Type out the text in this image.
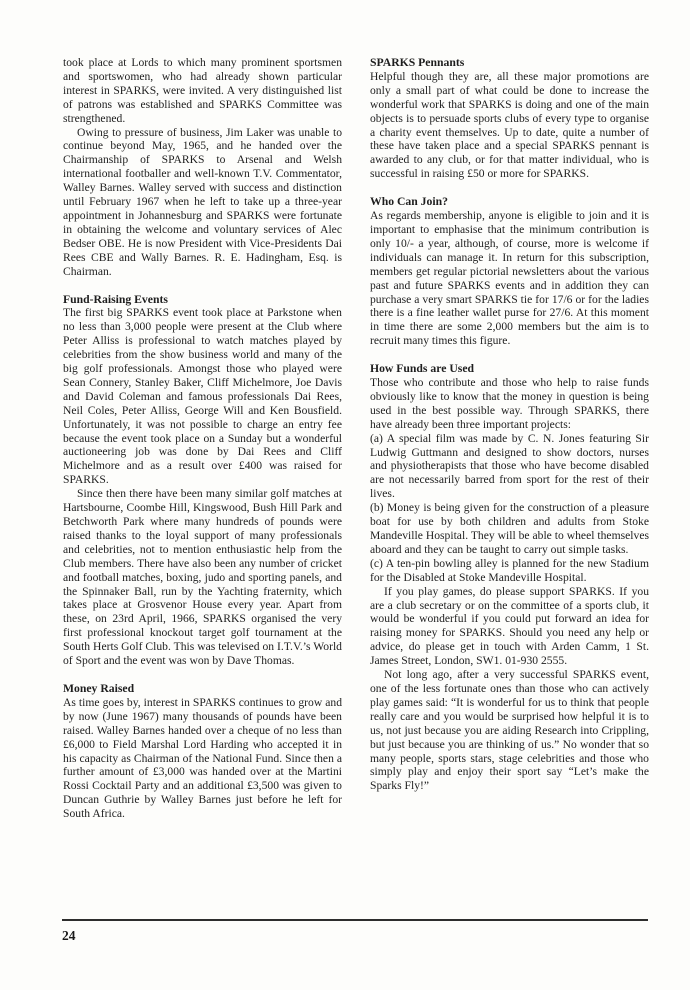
took place at Lords to which many prominent sportsmen and sportswomen, who had already shown particular interest in SPARKS, were invited. A very distinguished list of patrons was established and SPARKS Committee was strengthened.

Owing to pressure of business, Jim Laker was unable to continue beyond May, 1965, and he handed over the Chairmanship of SPARKS to Arsenal and Welsh international footballer and well-known T.V. Commentator, Walley Barnes. Walley served with success and distinction until February 1967 when he left to take up a three-year appointment in Johannesburg and SPARKS were fortunate in obtaining the welcome and voluntary services of Alec Bedser OBE. He is now President with Vice-Presidents Dai Rees CBE and Wally Barnes. R. E. Hadingham, Esq. is Chairman.

Fund-Raising Events

The first big SPARKS event took place at Parkstone when no less than 3,000 people were present at the Club where Peter Alliss is professional to watch matches played by celebrities from the show business world and many of the big golf professionals. Amongst those who played were Sean Connery, Stanley Baker, Cliff Michelmore, Joe Davis and David Coleman and famous professionals Dai Rees, Neil Coles, Peter Alliss, George Will and Ken Bousfield. Unfortunately, it was not possible to charge an entry fee because the event took place on a Sunday but a wonderful auctioneering job was done by Dai Rees and Cliff Michelmore and as a result over £400 was raised for SPARKS.

Since then there have been many similar golf matches at Hartsbourne, Coombe Hill, Kingswood, Bush Hill Park and Betchworth Park where many hundreds of pounds were raised thanks to the loyal support of many professionals and celebrities, not to mention enthusiastic help from the Club members. There have also been any number of cricket and football matches, boxing, judo and sporting panels, and the Spinnaker Ball, run by the Yachting fraternity, which takes place at Grosvenor House every year. Apart from these, on 23rd April, 1966, SPARKS organised the very first professional knockout target golf tournament at the South Herts Golf Club. This was televised on I.T.V.’s World of Sport and the event was won by Dave Thomas.

Money Raised

As time goes by, interest in SPARKS continues to grow and by now (June 1967) many thousands of pounds have been raised. Walley Barnes handed over a cheque of no less than £6,000 to Field Marshal Lord Harding who accepted it in his capacity as Chairman of the National Fund. Since then a further amount of £3,000 was handed over at the Martini Rossi Cocktail Party and an additional £3,500 was given to Duncan Guthrie by Walley Barnes just before he left for South Africa.

SPARKS Pennants

Helpful though they are, all these major promotions are only a small part of what could be done to increase the wonderful work that SPARKS is doing and one of the main objects is to persuade sports clubs of every type to organise a charity event themselves. Up to date, quite a number of these have taken place and a special SPARKS pennant is awarded to any club, or for that matter individual, who is successful in raising £50 or more for SPARKS.

Who Can Join?

As regards membership, anyone is eligible to join and it is important to emphasise that the minimum contribution is only 10/- a year, although, of course, more is welcome if individuals can manage it. In return for this subscription, members get regular pictorial newsletters about the various past and future SPARKS events and in addition they can purchase a very smart SPARKS tie for 17/6 or for the ladies there is a fine leather wallet purse for 27/6. At this moment in time there are some 2,000 members but the aim is to recruit many times this figure.

How Funds are Used

Those who contribute and those who help to raise funds obviously like to know that the money in question is being used in the best possible way. Through SPARKS, there have already been three important projects:

(a) A special film was made by C. N. Jones featuring Sir Ludwig Guttmann and designed to show doctors, nurses and physiotherapists that those who have become disabled are not necessarily barred from sport for the rest of their lives.

(b) Money is being given for the construction of a pleasure boat for use by both children and adults from Stoke Mandeville Hospital. They will be able to wheel themselves aboard and they can be taught to carry out simple tasks.

(c) A ten-pin bowling alley is planned for the new Stadium for the Disabled at Stoke Mandeville Hospital.

If you play games, do please support SPARKS. If you are a club secretary or on the committee of a sports club, it would be wonderful if you could put forward an idea for raising money for SPARKS. Should you need any help or advice, do please get in touch with Arden Camm, 1 St. James Street, London, SW1. 01-930 2555.

Not long ago, after a very successful SPARKS event, one of the less fortunate ones than those who can actively play games said: “It is wonderful for us to think that people really care and you would be surprised how helpful it is to us, not just because you are aiding Research into Crippling, but just because you are thinking of us.” No wonder that so many people, sports stars, stage celebrities and those who simply play and enjoy their sport say “Let’s make the Sparks Fly!”

24
